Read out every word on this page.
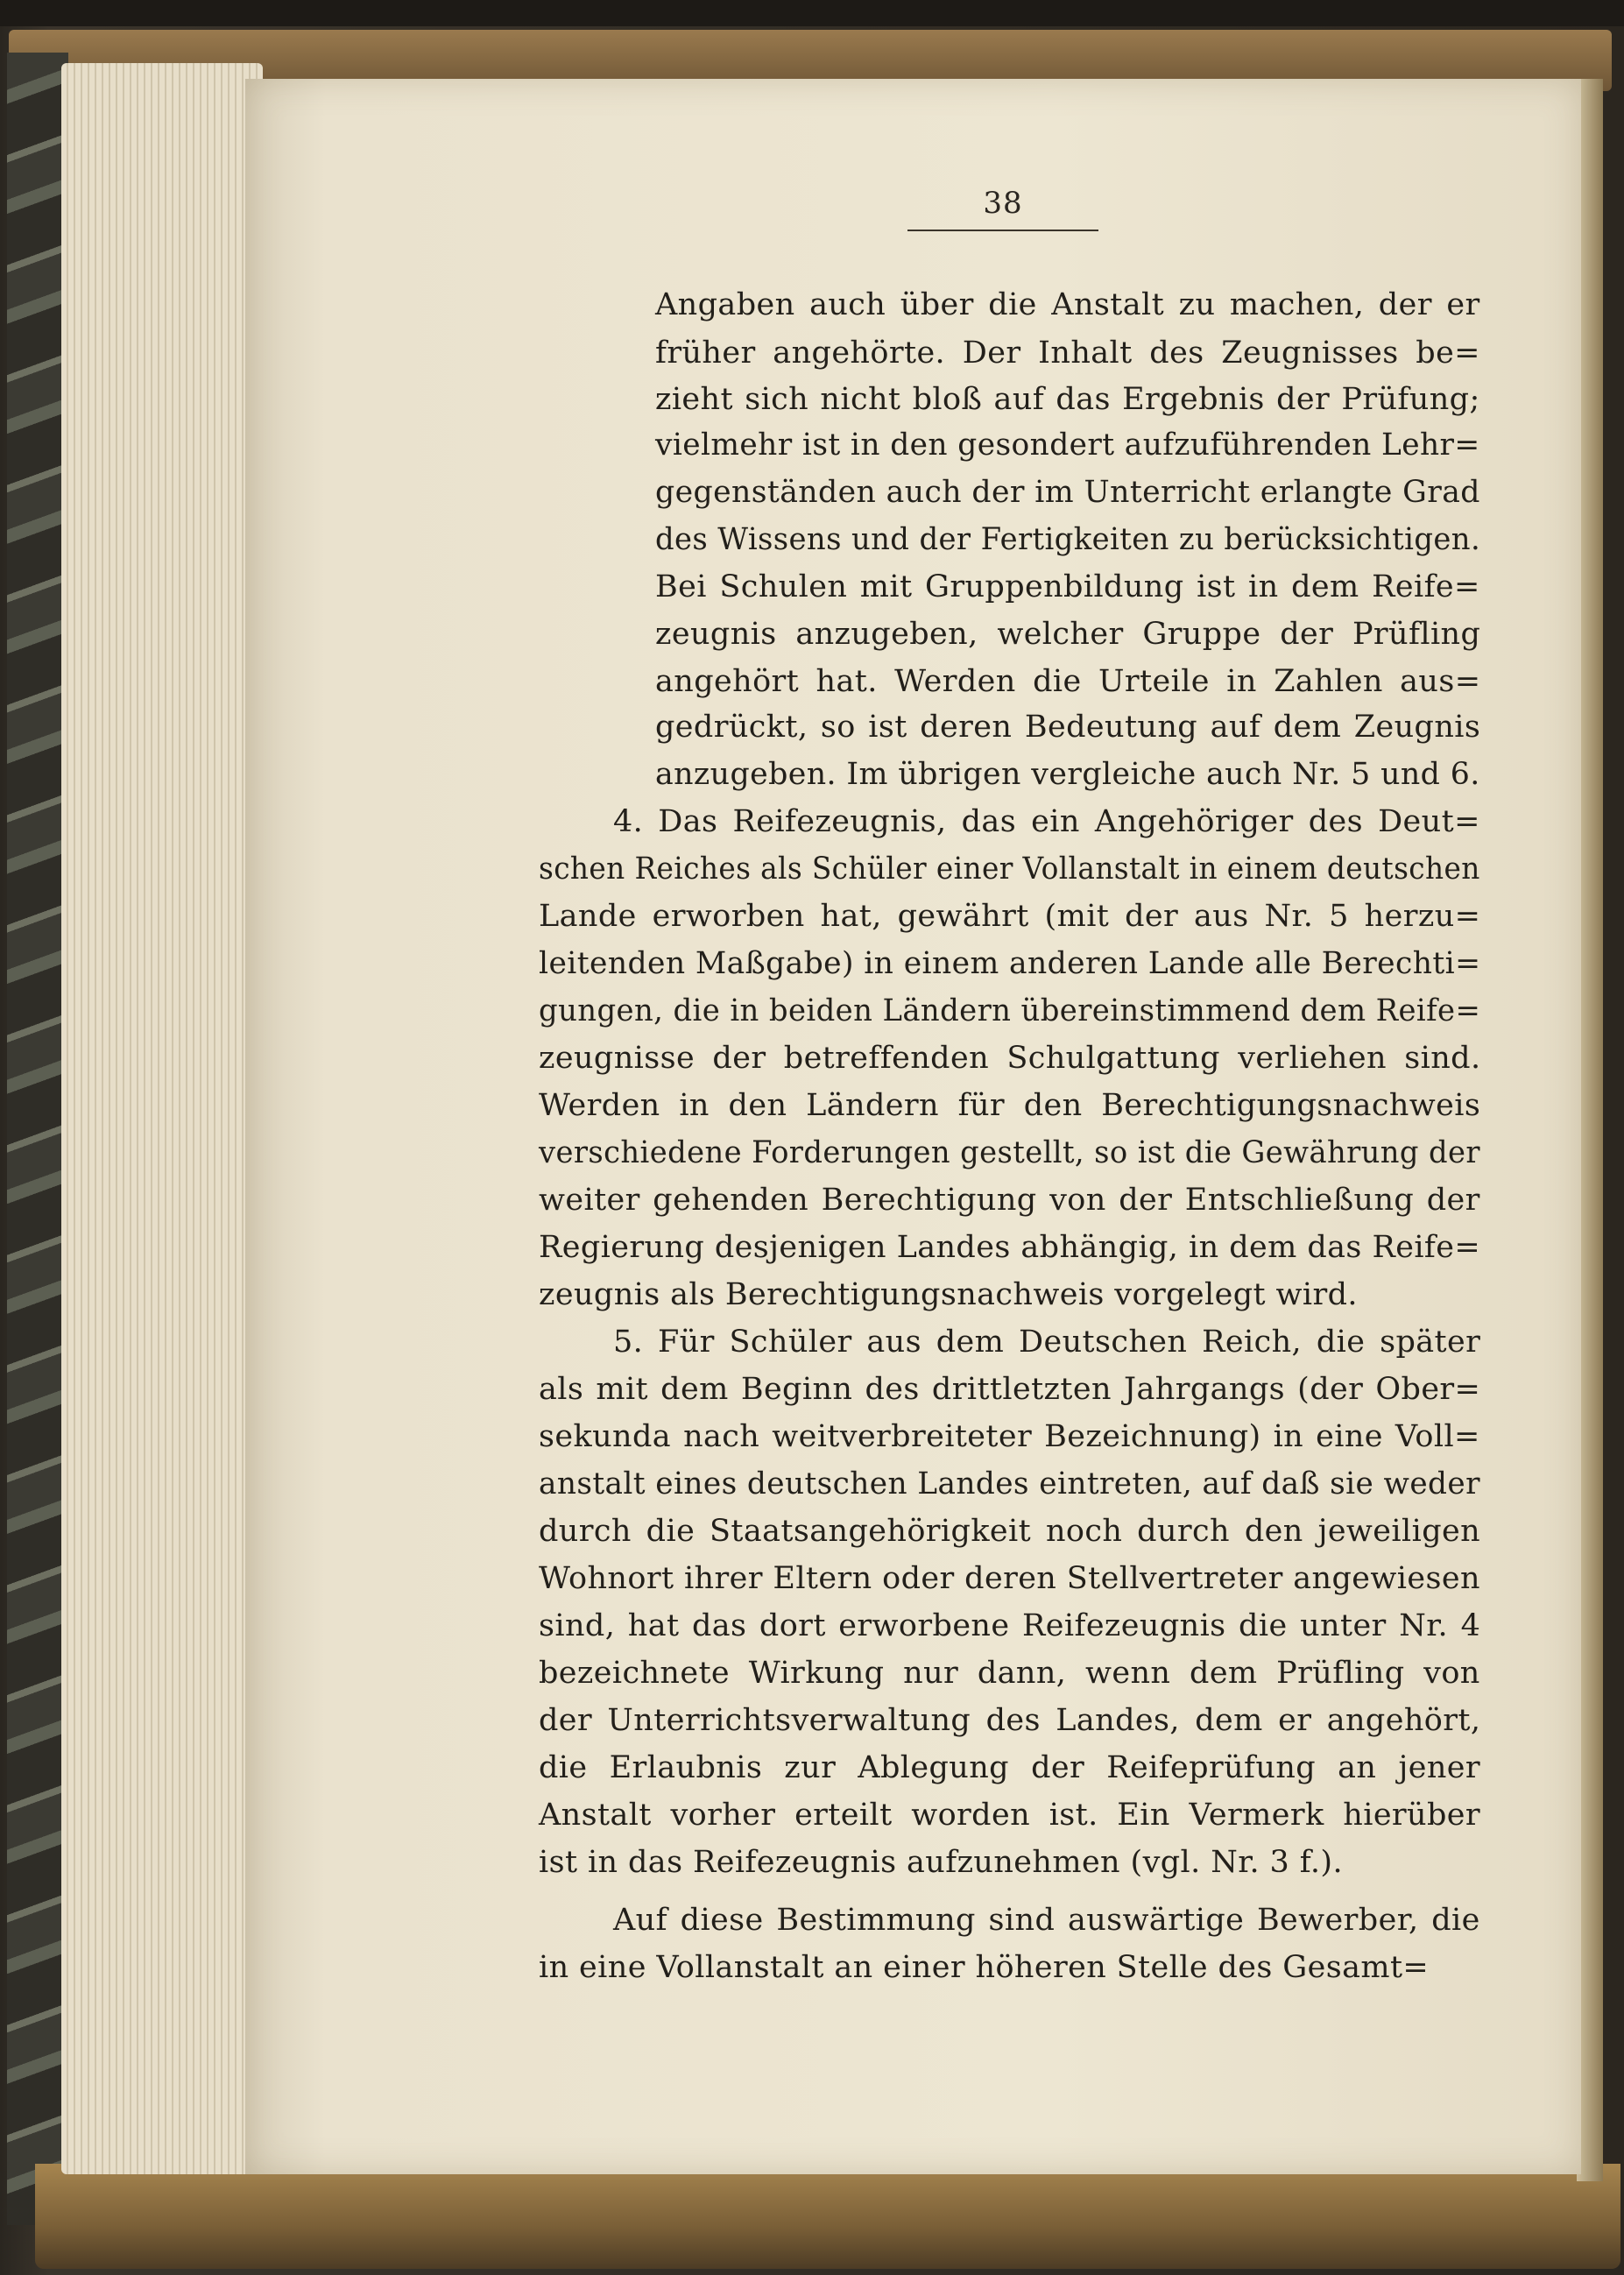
38
Angaben auch über die Anstalt zu machen, der er
früher angehörte. Der Inhalt des Zeugnisses be=
zieht sich nicht bloß auf das Ergebnis der Prüfung;
vielmehr ist in den gesondert aufzuführenden Lehr=
gegenständen auch der im Unterricht erlangte Grad
des Wissens und der Fertigkeiten zu berücksichtigen.
Bei Schulen mit Gruppenbildung ist in dem Reife=
zeugnis anzugeben, welcher Gruppe der Prüfling
angehört hat. Werden die Urteile in Zahlen aus=
gedrückt, so ist deren Bedeutung auf dem Zeugnis
anzugeben. Im übrigen vergleiche auch Nr. 5 und 6.
4. Das Reifezeugnis, das ein Angehöriger des Deut=
schen Reiches als Schüler einer Vollanstalt in einem deutschen
Lande erworben hat, gewährt (mit der aus Nr. 5 herzu=
leitenden Maßgabe) in einem anderen Lande alle Berechti=
gungen, die in beiden Ländern übereinstimmend dem Reife=
zeugnisse der betreffenden Schulgattung verliehen sind.
Werden in den Ländern für den Berechtigungsnachweis
verschiedene Forderungen gestellt, so ist die Gewährung der
weiter gehenden Berechtigung von der Entschließung der
Regierung desjenigen Landes abhängig, in dem das Reife=
zeugnis als Berechtigungsnachweis vorgelegt wird.
5. Für Schüler aus dem Deutschen Reich, die später
als mit dem Beginn des drittletzten Jahrgangs (der Ober=
sekunda nach weitverbreiteter Bezeichnung) in eine Voll=
anstalt eines deutschen Landes eintreten, auf daß sie weder
durch die Staatsangehörigkeit noch durch den jeweiligen
Wohnort ihrer Eltern oder deren Stellvertreter angewiesen
sind, hat das dort erworbene Reifezeugnis die unter Nr. 4
bezeichnete Wirkung nur dann, wenn dem Prüfling von
der Unterrichtsverwaltung des Landes, dem er angehört,
die Erlaubnis zur Ablegung der Reifeprüfung an jener
Anstalt vorher erteilt worden ist. Ein Vermerk hierüber
ist in das Reifezeugnis aufzunehmen (vgl. Nr. 3 f.).
Auf diese Bestimmung sind auswärtige Bewerber, die
in eine Vollanstalt an einer höheren Stelle des Gesamt=
